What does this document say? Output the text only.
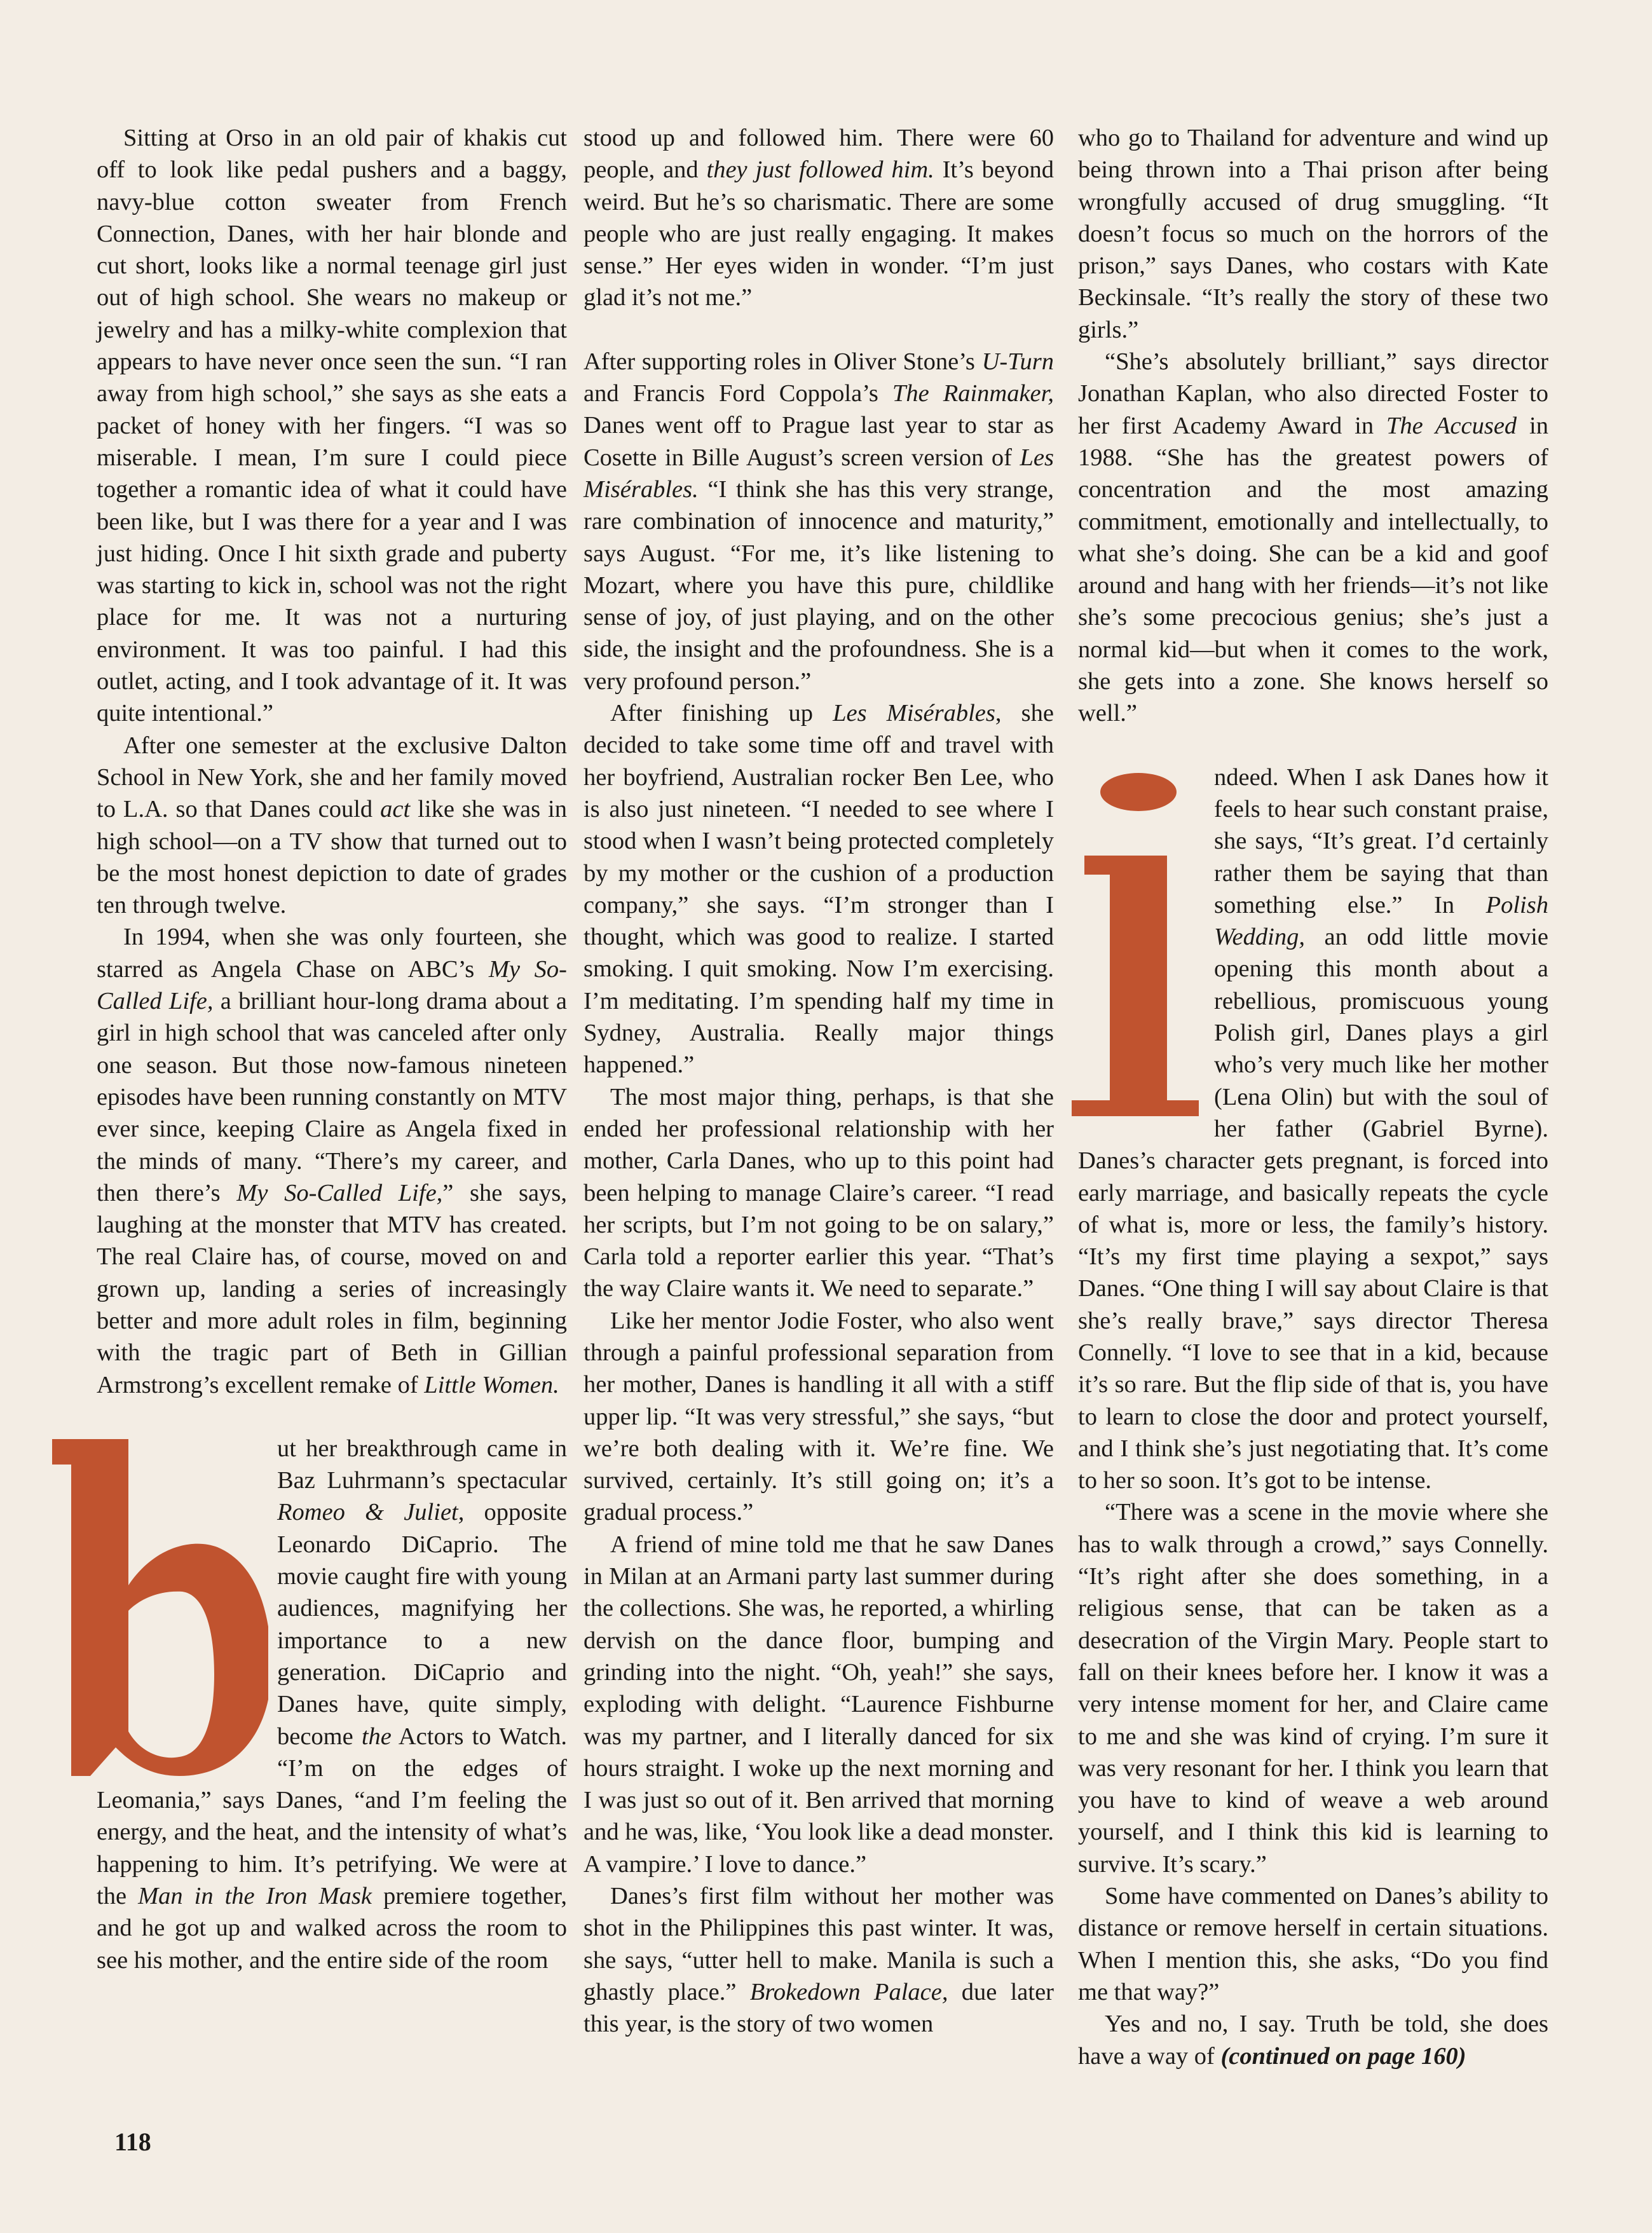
Sitting at Orso in an old pair of khakis cut off to look like pedal pushers and a baggy, navy-blue cotton sweater from French Connection, Danes, with her hair blonde and cut short, looks like a normal teenage girl just out of high school. She wears no makeup or jewelry and has a milky-white complexion that appears to have never once seen the sun. “I ran away from high school,” she says as she eats a packet of honey with her fingers. “I was so miserable. I mean, I’m sure I could piece together a romantic idea of what it could have been like, but I was there for a year and I was just hiding. Once I hit sixth grade and puberty was starting to kick in, school was not the right place for me. It was not a nurturing environment. It was too painful. I had this outlet, acting, and I took advantage of it. It was quite intentional.”

After one semester at the exclusive Dalton School in New York, she and her family moved to L.A. so that Danes could act like she was in high school—on a TV show that turned out to be the most honest depiction to date of grades ten through twelve.

In 1994, when she was only fourteen, she starred as Angela Chase on ABC’s My So-Called Life, a brilliant hour-long drama about a girl in high school that was canceled after only one season. But those now-famous nineteen episodes have been running constantly on MTV ever since, keeping Claire as Angela fixed in the minds of many. “There’s my career, and then there’s My So-Called Life,” she says, laughing at the monster that MTV has created. The real Claire has, of course, moved on and grown up, landing a series of increasingly better and more adult roles in film, beginning with the tragic part of Beth in Gillian Armstrong’s excellent remake of Little Women.

ut her breakthrough came in Baz Luhrmann’s spectacular Romeo & Juliet, opposite Leonardo DiCaprio. The movie caught fire with young audiences, magnifying her importance to a new generation. DiCaprio and Danes have, quite simply, become the Actors to Watch. “I’m on the edges of Leomania,” says Danes, “and I’m feeling the energy, and the heat, and the intensity of what’s happening to him. It’s petrifying. We were at the Man in the Iron Mask premiere together, and he got up and walked across the room to see his mother, and the entire side of the room

stood up and followed him. There were 60 people, and they just followed him. It’s beyond weird. But he’s so charismatic. There are some people who are just really engaging. It makes sense.” Her eyes widen in wonder. “I’m just glad it’s not me.”

After supporting roles in Oliver Stone’s U-Turn and Francis Ford Coppola’s The Rainmaker, Danes went off to Prague last year to star as Cosette in Bille August’s screen version of Les Misérables. “I think she has this very strange, rare combination of innocence and maturity,” says August. “For me, it’s like listening to Mozart, where you have this pure, childlike sense of joy, of just playing, and on the other side, the insight and the profoundness. She is a very profound person.”

After finishing up Les Misérables, she decided to take some time off and travel with her boyfriend, Australian rocker Ben Lee, who is also just nineteen. “I needed to see where I stood when I wasn’t being protected completely by my mother or the cushion of a production company,” she says. “I’m stronger than I thought, which was good to realize. I started smoking. I quit smoking. Now I’m exercising. I’m meditating. I’m spending half my time in Sydney, Australia. Really major things happened.”

The most major thing, perhaps, is that she ended her professional relationship with her mother, Carla Danes, who up to this point had been helping to manage Claire’s career. “I read her scripts, but I’m not going to be on salary,” Carla told a reporter earlier this year. “That’s the way Claire wants it. We need to separate.”

Like her mentor Jodie Foster, who also went through a painful professional separation from her mother, Danes is handling it all with a stiff upper lip. “It was very stressful,” she says, “but we’re both dealing with it. We’re fine. We survived, certainly. It’s still going on; it’s a gradual process.”

A friend of mine told me that he saw Danes in Milan at an Armani party last summer during the collections. She was, he reported, a whirling dervish on the dance floor, bumping and grinding into the night. “Oh, yeah!” she says, exploding with delight. “Laurence Fishburne was my partner, and I literally danced for six hours straight. I woke up the next morning and I was just so out of it. Ben arrived that morning and he was, like, ‘You look like a dead monster. A vampire.’ I love to dance.”

Danes’s first film without her mother was shot in the Philippines this past winter. It was, she says, “utter hell to make. Manila is such a ghastly place.” Brokedown Palace, due later this year, is the story of two women

who go to Thailand for adventure and wind up being thrown into a Thai prison after being wrongfully accused of drug smuggling. “It doesn’t focus so much on the horrors of the prison,” says Danes, who costars with Kate Beckinsale. “It’s really the story of these two girls.”

“She’s absolutely brilliant,” says director Jonathan Kaplan, who also directed Foster to her first Academy Award in The Accused in 1988. “She has the greatest powers of concentration and the most amazing commitment, emotionally and intellectually, to what she’s doing. She can be a kid and goof around and hang with her friends—it’s not like she’s some precocious genius; she’s just a normal kid—but when it comes to the work, she gets into a zone. She knows herself so well.”

ndeed. When I ask Danes how it feels to hear such constant praise, she says, “It’s great. I’d certainly rather them be saying that than something else.” In Polish Wedding, an odd little movie opening this month about a rebellious, promiscuous young Polish girl, Danes plays a girl who’s very much like her mother (Lena Olin) but with the soul of her father (Gabriel Byrne). Danes’s character gets pregnant, is forced into early marriage, and basically repeats the cycle of what is, more or less, the family’s history. “It’s my first time playing a sexpot,” says Danes. “One thing I will say about Claire is that she’s really brave,” says director Theresa Connelly. “I love to see that in a kid, because it’s so rare. But the flip side of that is, you have to learn to close the door and protect yourself, and I think she’s just negotiating that. It’s come to her so soon. It’s got to be intense.

“There was a scene in the movie where she has to walk through a crowd,” says Connelly. “It’s right after she does something, in a religious sense, that can be taken as a desecration of the Virgin Mary. People start to fall on their knees before her. I know it was a very intense moment for her, and Claire came to me and she was kind of crying. I’m sure it was very resonant for her. I think you learn that you have to kind of weave a web around yourself, and I think this kid is learning to survive. It’s scary.”

Some have commented on Danes’s ability to distance or remove herself in certain situations. When I mention this, she asks, “Do you find me that way?”

Yes and no, I say. Truth be told, she does have a way of (continued on page 160)

118
